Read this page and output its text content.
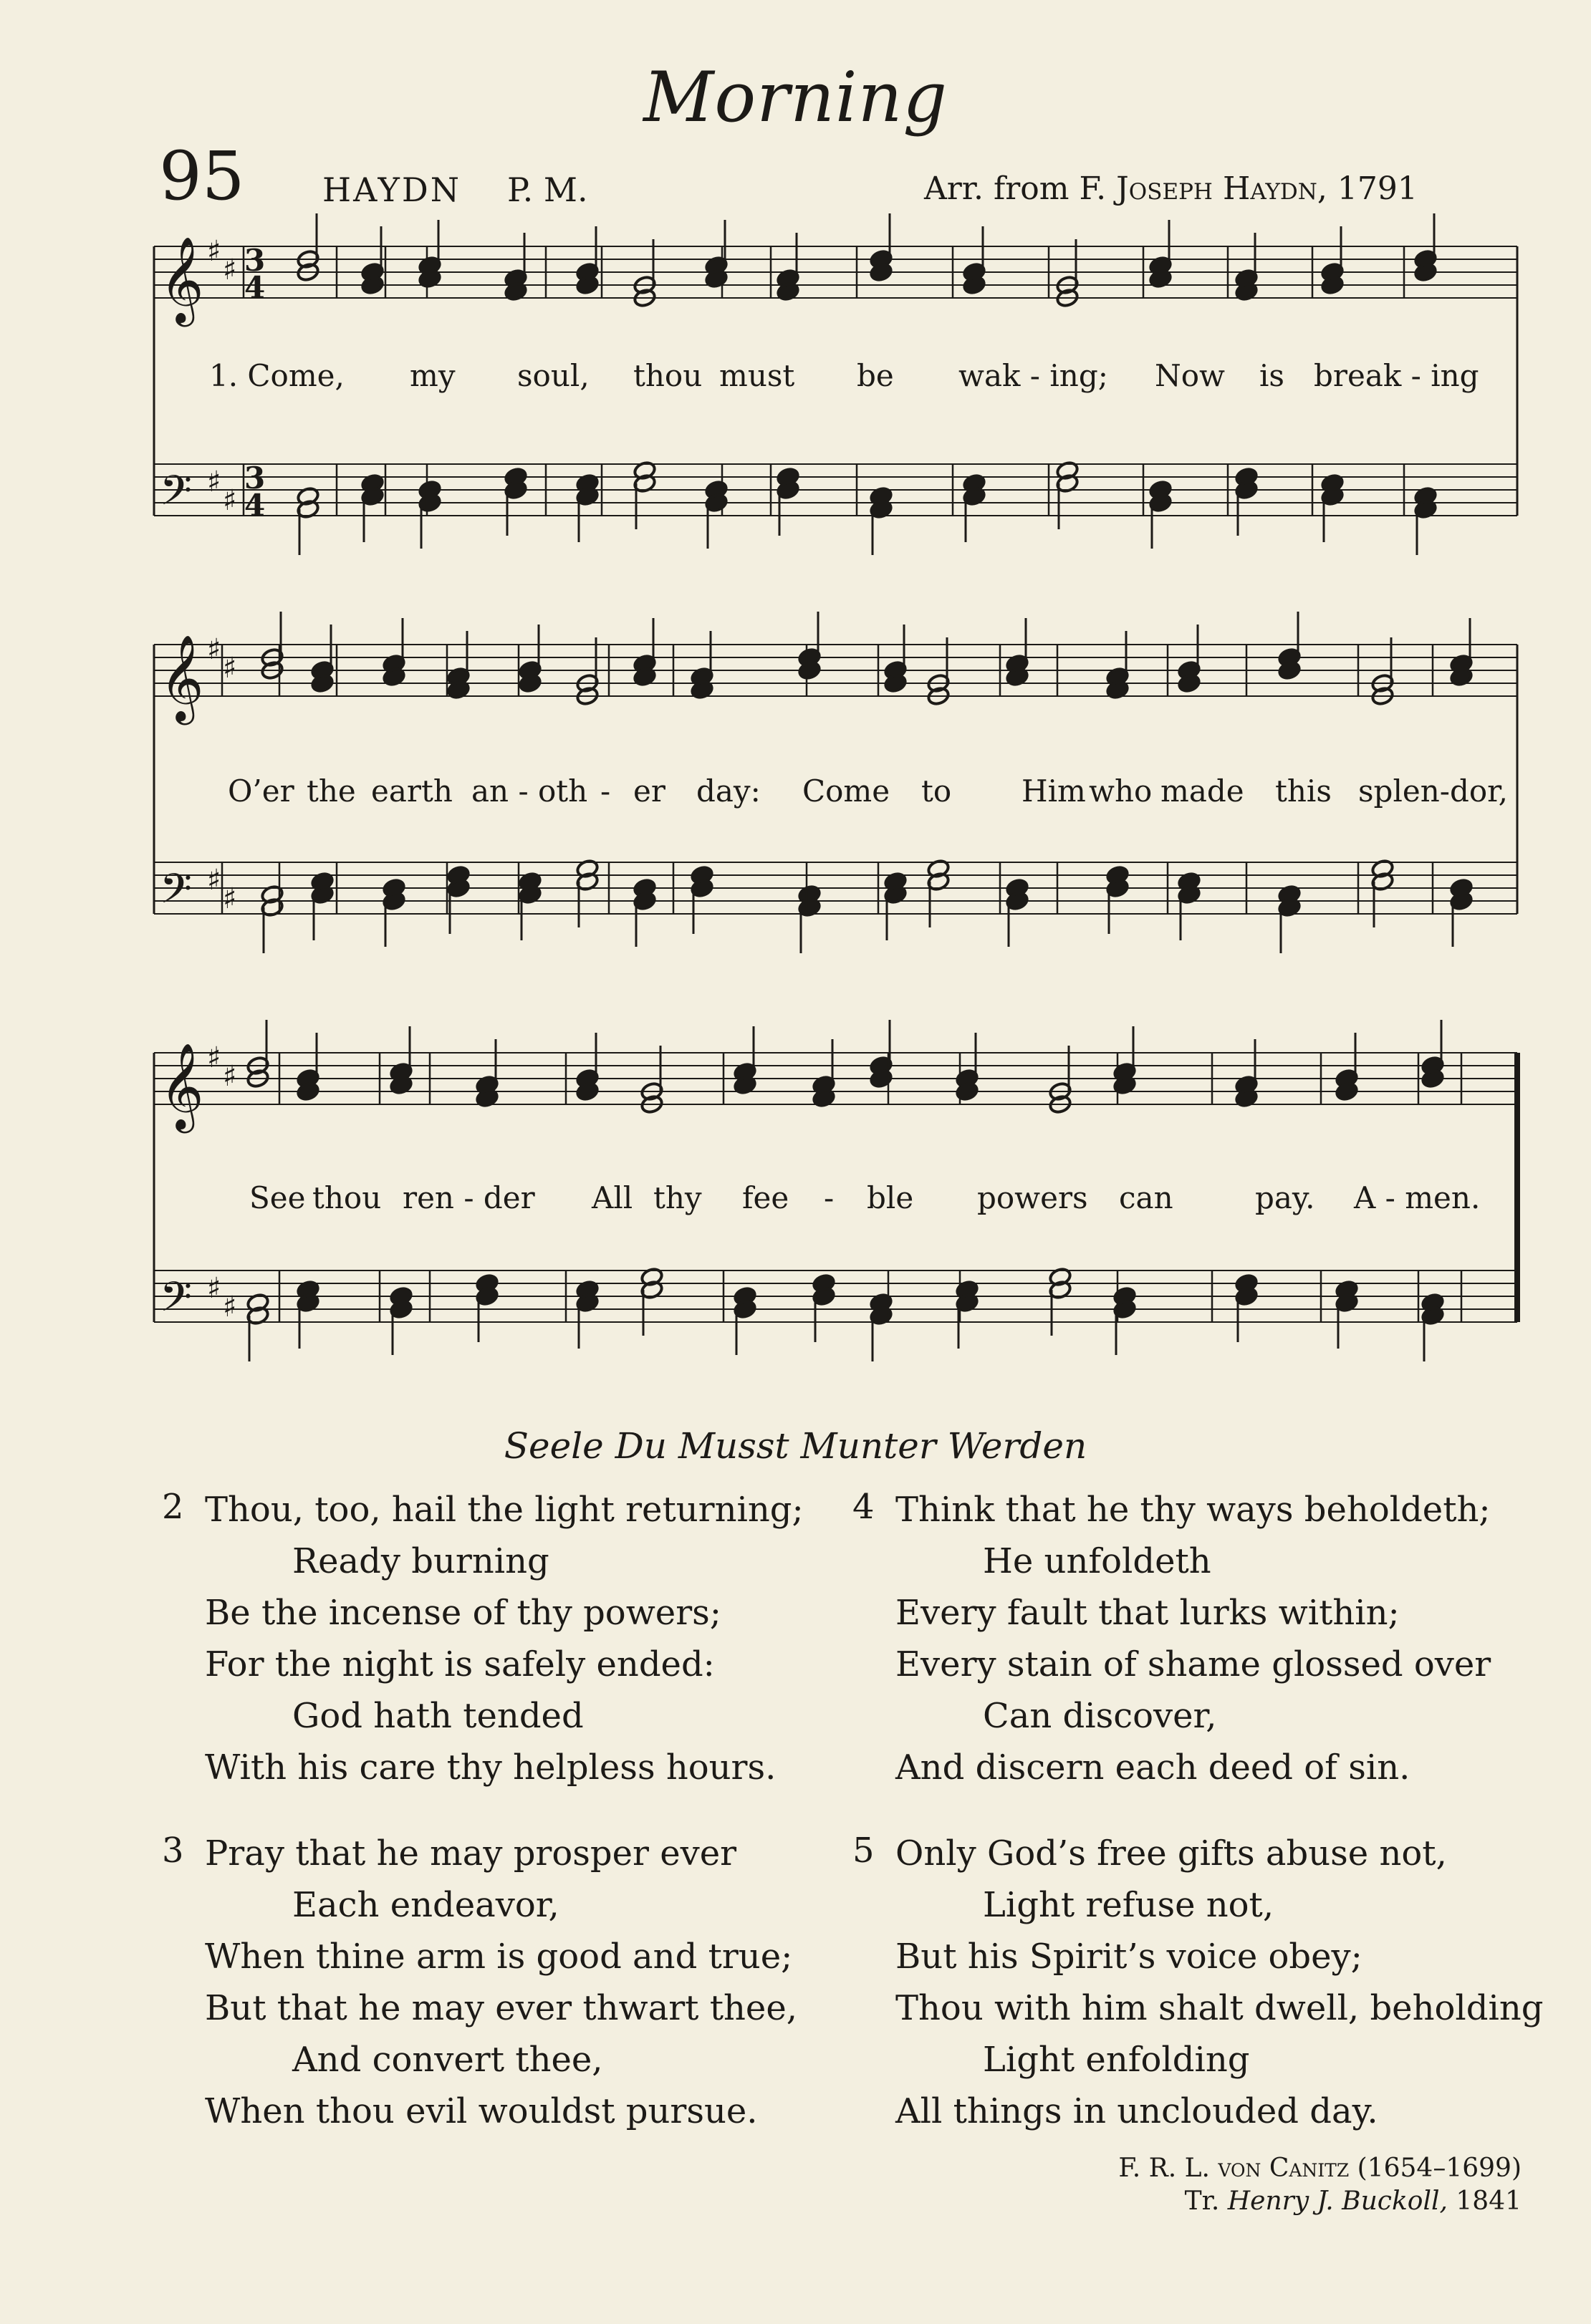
Morning
95 HAYDN P. M.	Arr. from F. Joseph Haydn, 1791
𝄞 ♯
♯ 3
4
𝄢 ♯
♯
3
4
𝄞 ♯
♯
𝄢 ♯
♯
𝄞 ♯
♯
𝄢 ♯
♯
1. Come, my soul, thou must be wak - ing; Now is break - ing
O’er the earth an - oth - er day: Come to Him who made this splen-dor,
See thou ren - der All thy fee - ble powers can	pay. A - men.
Seele Du Musst Munter Werden
2 Thou, too, hail the light returning;
Ready burning
Be the incense of thy powers;
For the night is safely ended:
God hath tended
With his care thy helpless hours.
3 Pray that he may prosper ever
Each endeavor,
When thine arm is good and true;
But that he may ever thwart thee,
And convert thee,
When thou evil wouldst pursue.
4 Think that he thy ways beholdeth;
He unfoldeth
Every fault that lurks within;
Every stain of shame glossed over
Can discover,
And discern each deed of sin.
5 Only God’s free gifts abuse not,
Light refuse not,
But his Spirit’s voice obey;
Thou with him shalt dwell, beholding
Light enfolding
All things in unclouded day.
F. R. L. von Canitz (1654–1699)
Tr. Henry J. Buckoll, 1841
